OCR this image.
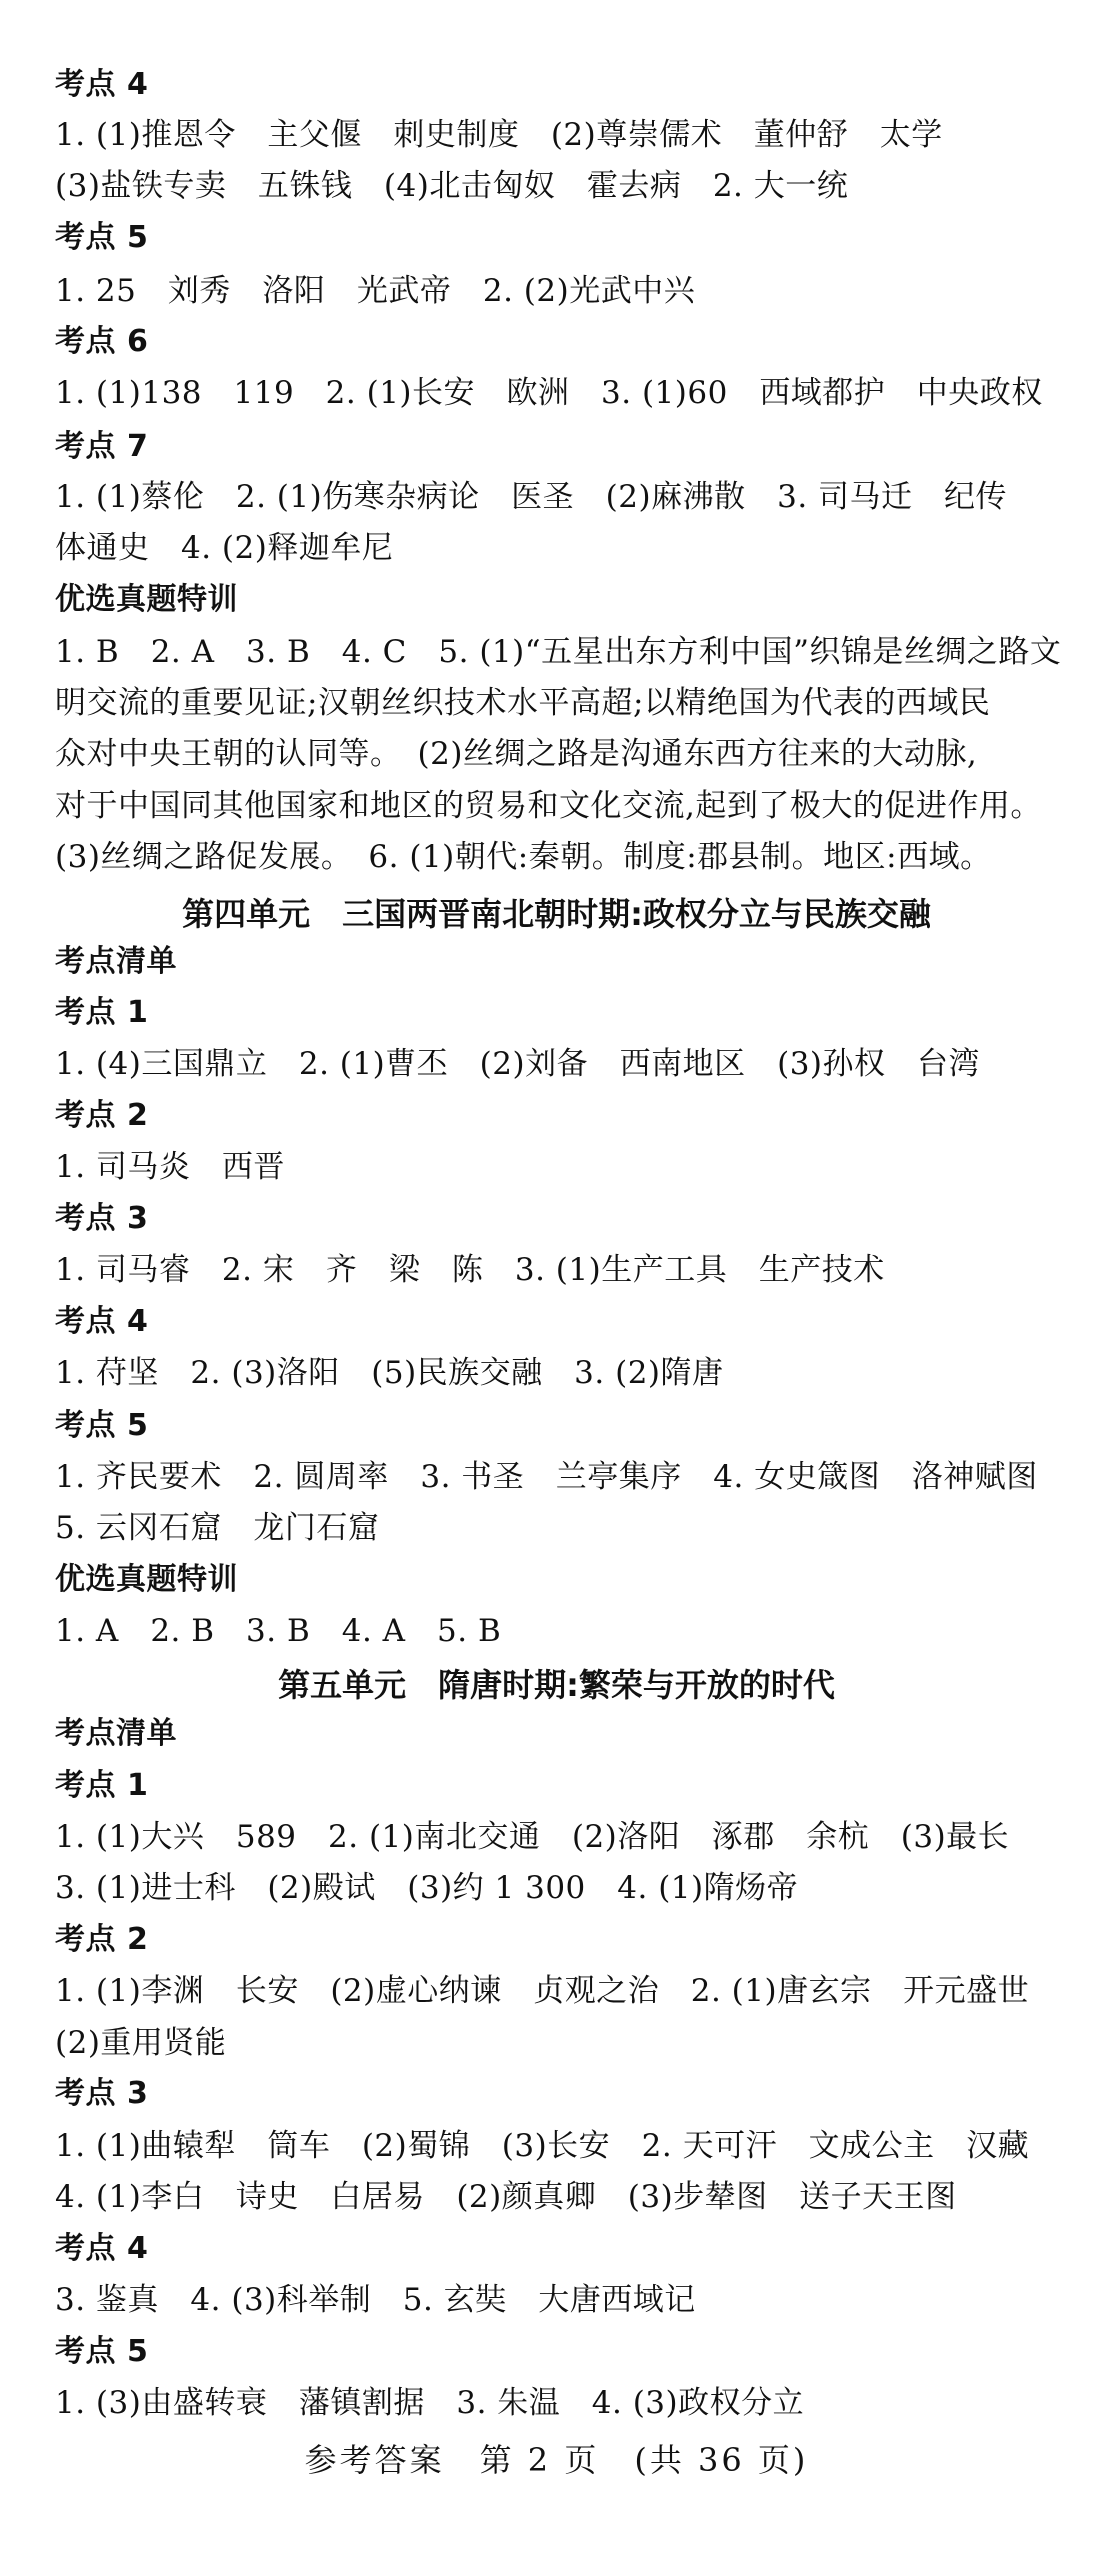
考点 4
1. (1)推恩令　主父偃　刺史制度　(2)尊崇儒术　董仲舒　太学
(3)盐铁专卖　五铢钱　(4)北击匈奴　霍去病　2. 大一统
考点 5
1. 25　刘秀　洛阳　光武帝　2. (2)光武中兴
考点 6
1. (1)138　119　2. (1)长安　欧洲　3. (1)60　西域都护　中央政权
考点 7
1. (1)蔡伦　2. (1)伤寒杂病论　医圣　(2)麻沸散　3. 司马迁　纪传
体通史　4. (2)释迦牟尼
优选真题特训
1. B　2. A　3. B　4. C　5. (1)“五星出东方利中国”织锦是丝绸之路文
明交流的重要见证;汉朝丝织技术水平高超;以精绝国为代表的西域民
众对中央王朝的认同等。　(2)丝绸之路是沟通东西方往来的大动脉,
对于中国同其他国家和地区的贸易和文化交流,起到了极大的促进作用。
(3)丝绸之路促发展。　6. (1)朝代:秦朝。制度:郡县制。地区:西域。
第四单元　三国两晋南北朝时期:政权分立与民族交融
考点清单
考点 1
1. (4)三国鼎立　2. (1)曹丕　(2)刘备　西南地区　(3)孙权　台湾
考点 2
1. 司马炎　西晋
考点 3
1. 司马睿　2. 宋　齐　梁　陈　3. (1)生产工具　生产技术
考点 4
1. 苻坚　2. (3)洛阳　(5)民族交融　3. (2)隋唐
考点 5
1. 齐民要术　2. 圆周率　3. 书圣　兰亭集序　4. 女史箴图　洛神赋图
5. 云冈石窟　龙门石窟
优选真题特训
1. A　2. B　3. B　4. A　5. B
第五单元　隋唐时期:繁荣与开放的时代
考点清单
考点 1
1. (1)大兴　589　2. (1)南北交通　(2)洛阳　涿郡　余杭　(3)最长
3. (1)进士科　(2)殿试　(3)约 1 300　4. (1)隋炀帝
考点 2
1. (1)李渊　长安　(2)虚心纳谏　贞观之治　2. (1)唐玄宗　开元盛世
(2)重用贤能
考点 3
1. (1)曲辕犁　筒车　(2)蜀锦　(3)长安　2. 天可汗　文成公主　汉藏
4. (1)李白　诗史　白居易　(2)颜真卿　(3)步辇图　送子天王图
考点 4
3. 鉴真　4. (3)科举制　5. 玄奘　大唐西域记
考点 5
1. (3)由盛转衰　藩镇割据　3. 朱温　4. (3)政权分立
参考答案　第 2 页　(共 36 页)
